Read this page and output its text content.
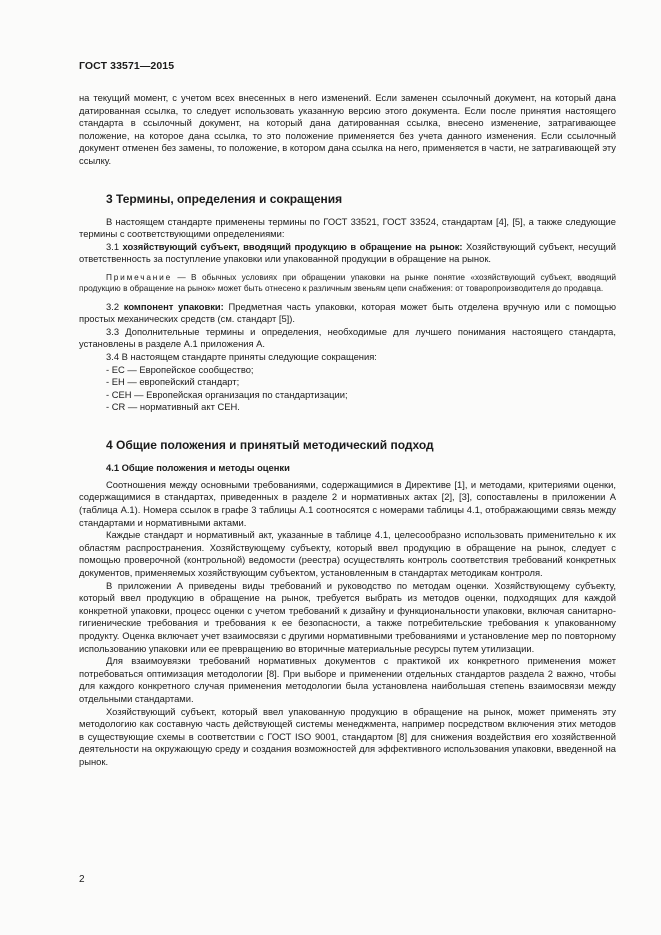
ГОСТ 33571—2015

на текущий момент, с учетом всех внесенных в него изменений. Если заменен ссылочный документ, на который дана датированная ссылка, то следует использовать указанную версию этого документа. Если после принятия настоящего стандарта в ссылочный документ, на который дана датированная ссылка, внесено изменение, затрагивающее положение, на которое дана ссылка, то это положение применяется без учета данного изменения. Если ссылочный документ отменен без замены, то положение, в котором дана ссылка на него, применяется в части, не затрагивающей эту ссылку.

3 Термины, определения и сокращения

В настоящем стандарте применены термины по ГОСТ 33521, ГОСТ 33524, стандартам [4], [5], а также следующие термины с соответствующими определениями:

3.1 хозяйствующий субъект, вводящий продукцию в обращение на рынок: Хозяйствующий субъект, несущий ответственность за поступление упаковки или упакованной продукции в обращение на рынок.

Примечание — В обычных условиях при обращении упаковки на рынке понятие «хозяйствующий субъект, вводящий продукцию в обращение на рынок» может быть отнесено к различным звеньям цепи снабжения: от товаропроизводителя до продавца.

3.2 компонент упаковки: Предметная часть упаковки, которая может быть отделена вручную или с помощью простых механических средств (см. стандарт [5]).

3.3 Дополнительные термины и определения, необходимые для лучшего понимания настоящего стандарта, установлены в разделе А.1 приложения А.

3.4 В настоящем стандарте приняты следующие сокращения:

- ЕС — Европейское сообщество;
- ЕН — европейский стандарт;
- СЕН — Европейская организация по стандартизации;
- CR — нормативный акт СЕН.
4 Общие положения и принятый методический подход
4.1 Общие положения и методы оценки

Соотношения между основными требованиями, содержащимися в Директиве [1], и методами, критериями оценки, содержащимися в стандартах, приведенных в разделе 2 и нормативных актах [2], [3], сопоставлены в приложении А (таблица А.1). Номера ссылок в графе 3 таблицы А.1 соотносятся с номерами таблицы 4.1, отображающими связь между стандартами и нормативными актами.

Каждые стандарт и нормативный акт, указанные в таблице 4.1, целесообразно использовать применительно к их областям распространения. Хозяйствующему субъекту, который ввел продукцию в обращение на рынок, следует с помощью проверочной (контрольной) ведомости (реестра) осуществлять контроль соответствия требований конкретных документов, применяемых хозяйствующим субъектом, установленным в стандартах методикам контроля.

В приложении А приведены виды требований и руководство по методам оценки. Хозяйствующему субъекту, который ввел продукцию в обращение на рынок, требуется выбрать из методов оценки, подходящих для каждой конкретной упаковки, процесс оценки с учетом требований к дизайну и функциональности упаковки, включая санитарно-гигиенические требования и требования к ее безопасности, а также потребительские требования к упакованному продукту. Оценка включает учет взаимосвязи с другими нормативными требованиями и установление мер по повторному использованию упаковки или ее превращению во вторичные материальные ресурсы путем утилизации.

Для взаимоувязки требований нормативных документов с практикой их конкретного применения может потребоваться оптимизация методологии [8]. При выборе и применении отдельных стандартов раздела 2 важно, чтобы для каждого конкретного случая применения методологии была установлена наибольшая степень взаимосвязи между отдельными стандартами.

Хозяйствующий субъект, который ввел упакованную продукцию в обращение на рынок, может применять эту методологию как составную часть действующей системы менеджмента, например посредством включения этих методов в существующие схемы в соответствии с ГОСТ ISO 9001, стандартом [8] для снижения воздействия его хозяйственной деятельности на окружающую среду и создания возможностей для эффективного использования упаковки, введенной на рынок.

2
